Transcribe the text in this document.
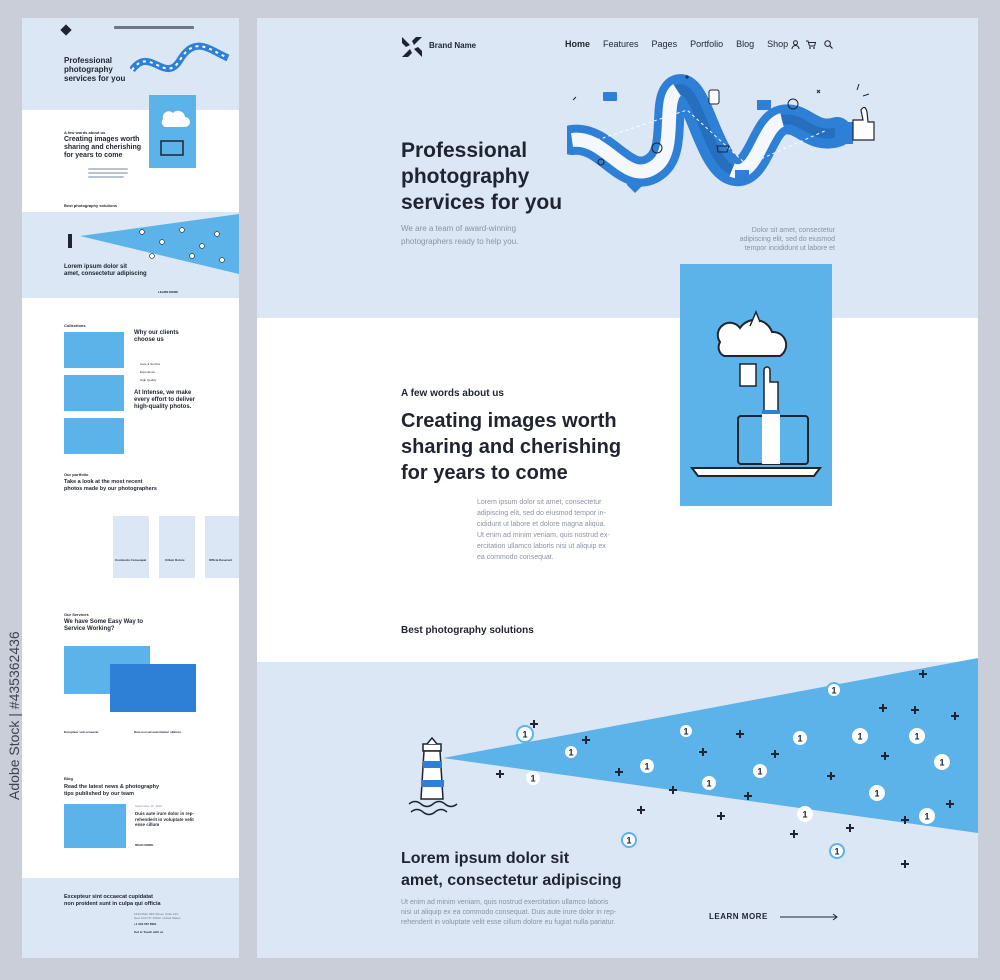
Professional
photography
services for you
A few words about us
Creating images worth
sharing and cherishing
for years to come
Best photography solutions
Lorem ipsum dolor sit
amet, consectetur adipiscing
LEARN MORE
Collections
Why our clients
choose us
Care & Service
Experience
High Quality
At Intense, we make
every effort to deliver
high-quality photos.
Our portfolio
Take a look at the most recent
photos made by our photographers
Commodo Consequat	Cillum Dolore	Officia Deserunt
Our Services
We have Some Easy Way to
Service Working?
Excepteur sint occaecat	Duis nosrud exercitation ullamco
Blog
Read the latest news & photography
tips published by our team
September 16, 2022
Duis aute irure dolor in rep-
rehenderit in voluptate velit
esse cillum
READ MORE
Excepteur sint occaecat cupidatat
non proident sunt in culpa qui officia
1234 Main 45th Street, Suite 123,
New York NY 10012, United States
+1 234 567 8901
Get in Touch with us
Adobe Stock | #435362436
Brand Name	Home Features Pages Portfolio Blog Shop
Professional
photography
services for you
We are a team of award-winning
photographers ready to help you.
Dolor sit amet, consectetur
adipiscing elit, sed do eiusmod
tempor incididunt ut labore et
A few words about us
Creating images worth
sharing and cherishing
for years to come
Lorem ipsum dolor sit amet, consectetur
adipiscing elit, sed do eiusmod tempor in-
cididunt ut labore et dolore magna aliqua.
Ut enim ad minim veniam, quis nostrud ex-
ercitation ullamco laboris nisi ut aliquip ex
ea commodo consequat.
Best photography solutions
1
1
1
1
1
1
1
1	1	1
1
1
1	1
1
1
1
Lorem ipsum dolor sit
amet, consectetur adipiscing
Ut enim ad minim veniam, quis nostrud exercitation ullamco laboris
nisi ut aliquip ex ea commodo consequat. Duis aute irure dolor in rep-
rehenderit in voluptate velit esse cillum dolore eu fugiat nulla pariatur.
LEARN MORE
